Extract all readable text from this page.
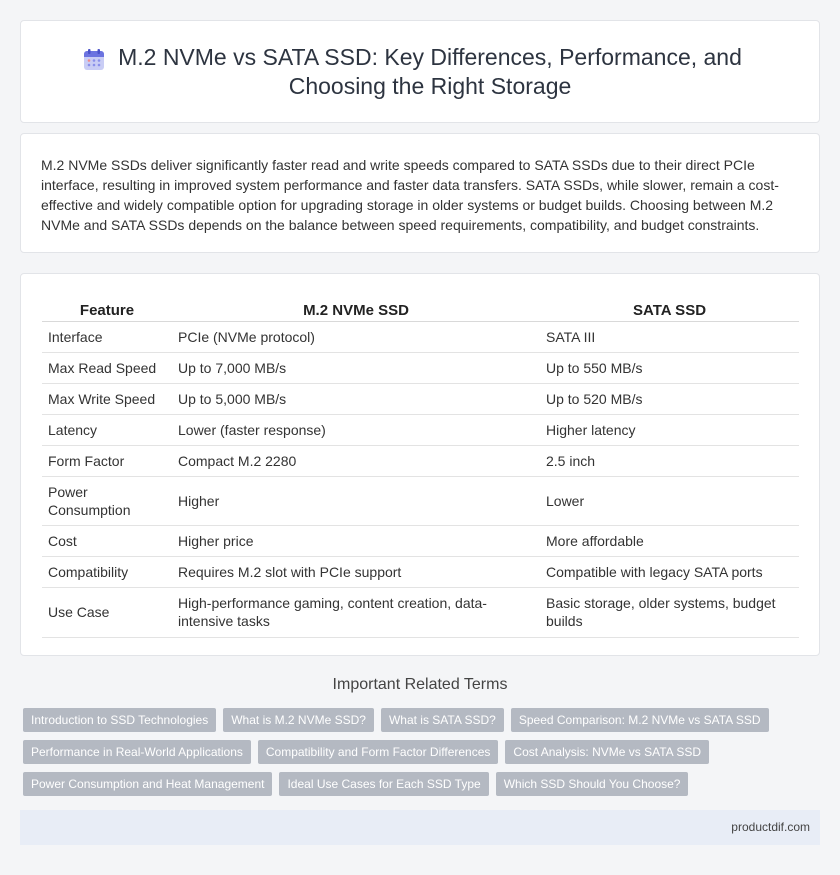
M.2 NVMe vs SATA SSD: Key Differences, Performance, and Choosing the Right Storage

M.2 NVMe SSDs deliver significantly faster read and write speeds compared to SATA SSDs due to their direct PCIe interface, resulting in improved system performance and faster data transfers. SATA SSDs, while slower, remain a cost-effective and widely compatible option for upgrading storage in older systems or budget builds. Choosing between M.2 NVMe and SATA SSDs depends on the balance between speed requirements, compatibility, and budget constraints.

Feature	M.2 NVMe SSD	SATA SSD
Interface	PCIe (NVMe protocol)	SATA III
Max Read Speed	Up to 7,000 MB/s	Up to 550 MB/s
Max Write Speed	Up to 5,000 MB/s	Up to 520 MB/s
Latency	Lower (faster response)	Higher latency
Form Factor	Compact M.2 2280	2.5 inch
Power Consumption	Higher	Lower
Cost	Higher price	More affordable
Compatibility	Requires M.2 slot with PCIe support	Compatible with legacy SATA ports
Use Case	High-performance gaming, content creation, data-intensive tasks	Basic storage, older systems, budget builds
Important Related Terms
Introduction to SSD Technologies	What is M.2 NVMe SSD?	What is SATA SSD?	Speed Comparison: M.2 NVMe vs SATA SSD
Performance in Real-World Applications	Compatibility and Form Factor Differences	Cost Analysis: NVMe vs SATA SSD
Power Consumption and Heat Management	Ideal Use Cases for Each SSD Type	Which SSD Should You Choose?
productdif.com
